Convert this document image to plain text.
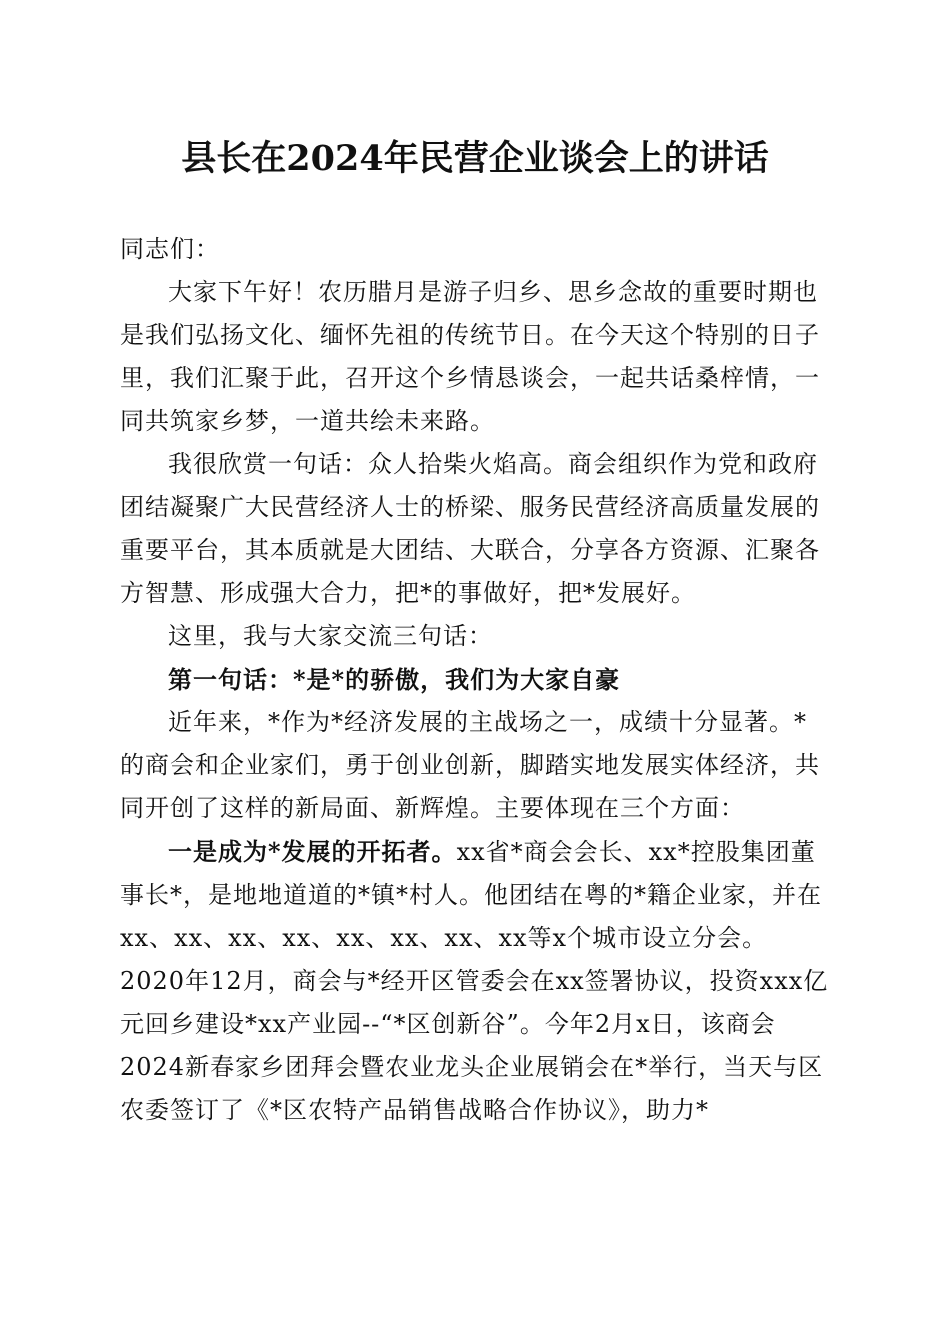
县长在2024年民营企业谈会上的讲话

同志们：

大家下午好！农历腊月是游子归乡、思乡念故的重要时期也是我们弘扬文化、缅怀先祖的传统节日。在今天这个特别的日子里，我们汇聚于此，召开这个乡情恳谈会，一起共话桑梓情，一同共筑家乡梦，一道共绘未来路。

我很欣赏一句话：众人拾柴火焰高。商会组织作为党和政府团结凝聚广大民营经济人士的桥梁、服务民营经济高质量发展的重要平台，其本质就是大团结、大联合，分享各方资源、汇聚各方智慧、形成强大合力，把*的事做好，把*发展好。

这里，我与大家交流三句话：

第一句话：*是*的骄傲，我们为大家自豪

近年来，*作为*经济发展的主战场之一，成绩十分显著。*的商会和企业家们，勇于创业创新，脚踏实地发展实体经济，共同开创了这样的新局面、新辉煌。主要体现在三个方面：

一是成为*发展的开拓者。xx省*商会会长、xx*控股集团董事长*，是地地道道的*镇*村人。他团结在粤的*籍企业家，并在xx、xx、xx、xx、xx、xx、xx、xx等x个城市设立分会。2020年12月，商会与*经开区管委会在xx签署协议，投资xxx亿元回乡建设*xx产业园--“*区创新谷”。今年2月x日，该商会2024新春家乡团拜会暨农业龙头企业展销会在*举行，当天与区农委签订了《*区农特产品销售战略合作协议》，助力*
